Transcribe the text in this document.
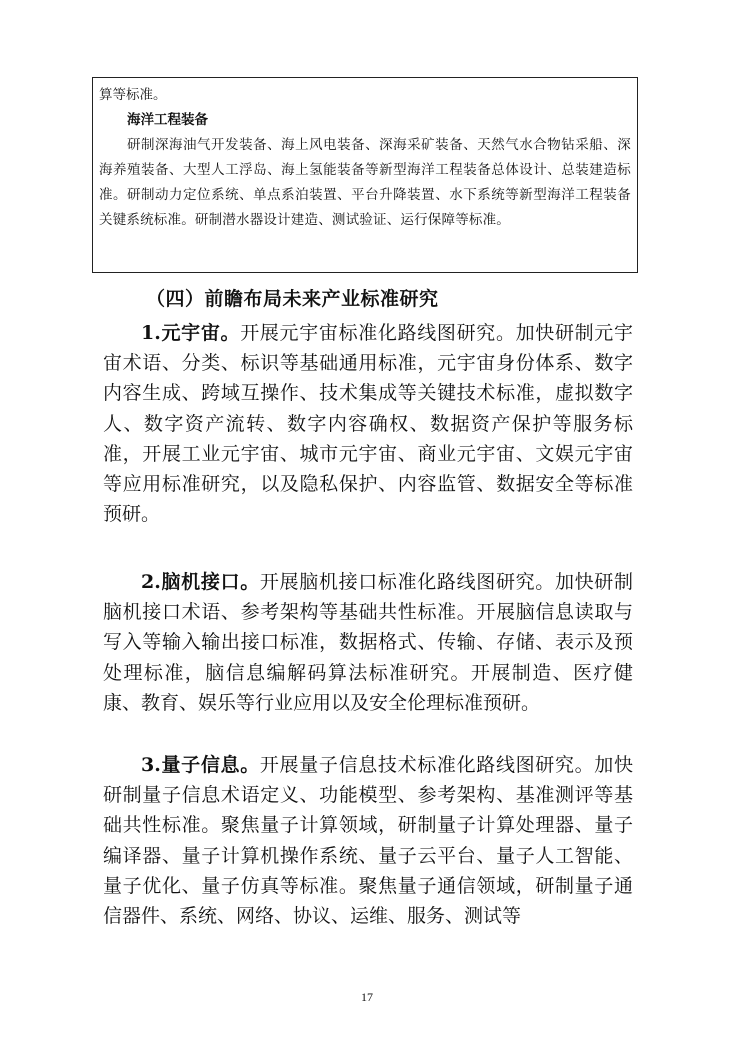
算等标准。

海洋工程装备

研制深海油气开发装备、海上风电装备、深海采矿装备、天然气水合物钻采船、深海养殖装备、大型人工浮岛、海上氢能装备等新型海洋工程装备总体设计、总装建造标准。研制动力定位系统、单点系泊装置、平台升降装置、水下系统等新型海洋工程装备关键系统标准。研制潜水器设计建造、测试验证、运行保障等标准。

（四）前瞻布局未来产业标准研究

1.元宇宙。开展元宇宙标准化路线图研究。加快研制元宇宙术语、分类、标识等基础通用标准，元宇宙身份体系、数字内容生成、跨域互操作、技术集成等关键技术标准，虚拟数字人、数字资产流转、数字内容确权、数据资产保护等服务标准，开展工业元宇宙、城市元宇宙、商业元宇宙、文娱元宇宙等应用标准研究，以及隐私保护、内容监管、数据安全等标准预研。

2.脑机接口。开展脑机接口标准化路线图研究。加快研制脑机接口术语、参考架构等基础共性标准。开展脑信息读取与写入等输入输出接口标准，数据格式、传输、存储、表示及预处理标准，脑信息编解码算法标准研究。开展制造、医疗健康、教育、娱乐等行业应用以及安全伦理标准预研。

3.量子信息。开展量子信息技术标准化路线图研究。加快研制量子信息术语定义、功能模型、参考架构、基准测评等基础共性标准。聚焦量子计算领域，研制量子计算处理器、量子编译器、量子计算机操作系统、量子云平台、量子人工智能、量子优化、量子仿真等标准。聚焦量子通信领域，研制量子通信器件、系统、网络、协议、运维、服务、测试等

17
